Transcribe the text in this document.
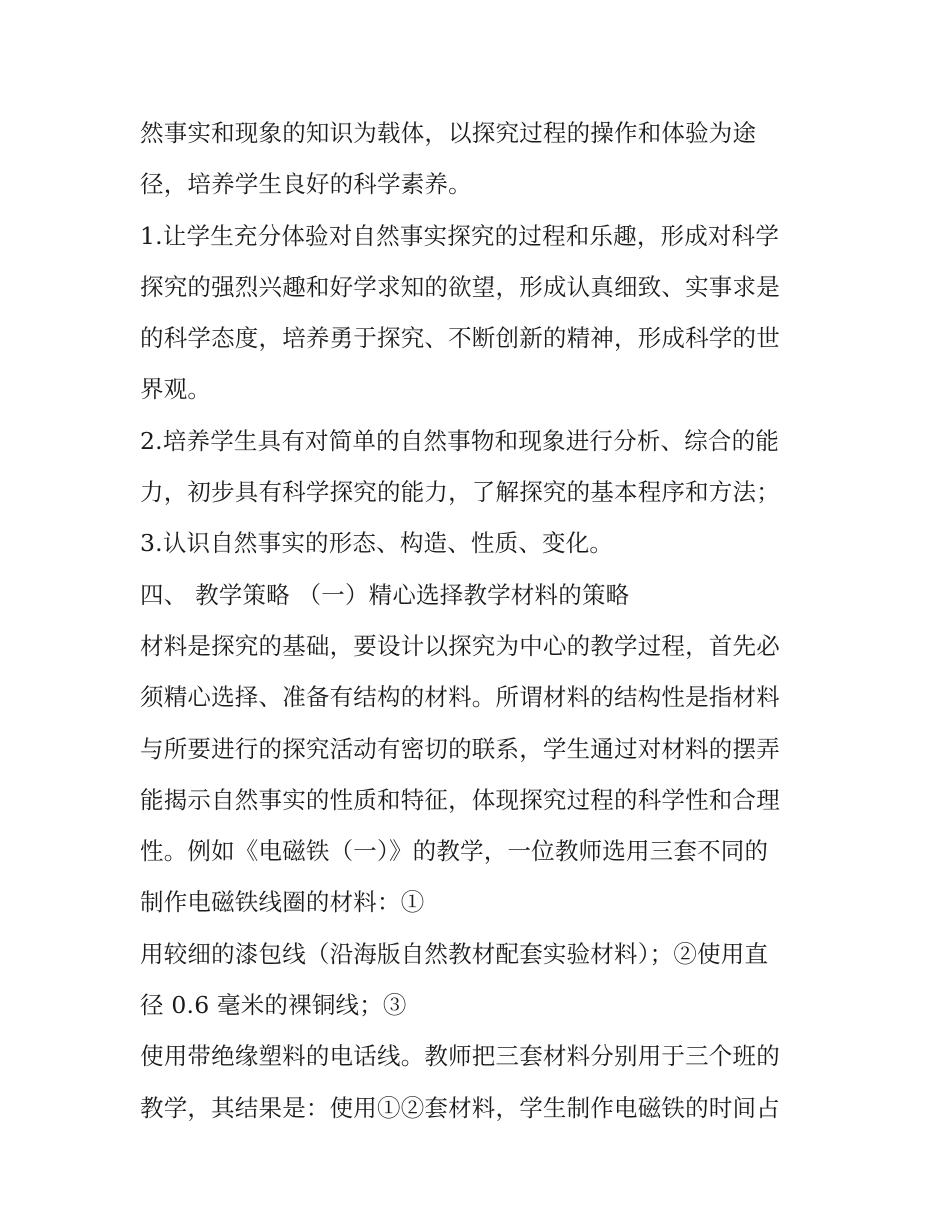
然事实和现象的知识为载体，以探究过程的操作和体验为途
径，培养学生良好的科学素养。
1.让学生充分体验对自然事实探究的过程和乐趣，形成对科学
探究的强烈兴趣和好学求知的欲望，形成认真细致、实事求是
的科学态度，培养勇于探究、不断创新的精神，形成科学的世
界观。
2.培养学生具有对简单的自然事物和现象进行分析、综合的能
力，初步具有科学探究的能力，了解探究的基本程序和方法；
3.认识自然事实的形态、构造、性质、变化。
四、 教学策略 （一）精心选择教学材料的策略
材料是探究的基础，要设计以探究为中心的教学过程，首先必
须精心选择、准备有结构的材料。所谓材料的结构性是指材料
与所要进行的探究活动有密切的联系，学生通过对材料的摆弄
能揭示自然事实的性质和特征，体现探究过程的科学性和合理
性。例如《电磁铁（一）》的教学，一位教师选用三套不同的
制作电磁铁线圈的材料：①
用较细的漆包线（沿海版自然教材配套实验材料）；②使用直
径 0.6 毫米的裸铜线；③
使用带绝缘塑料的电话线。教师把三套材料分别用于三个班的
教学，其结果是：使用①②套材料，学生制作电磁铁的时间占
